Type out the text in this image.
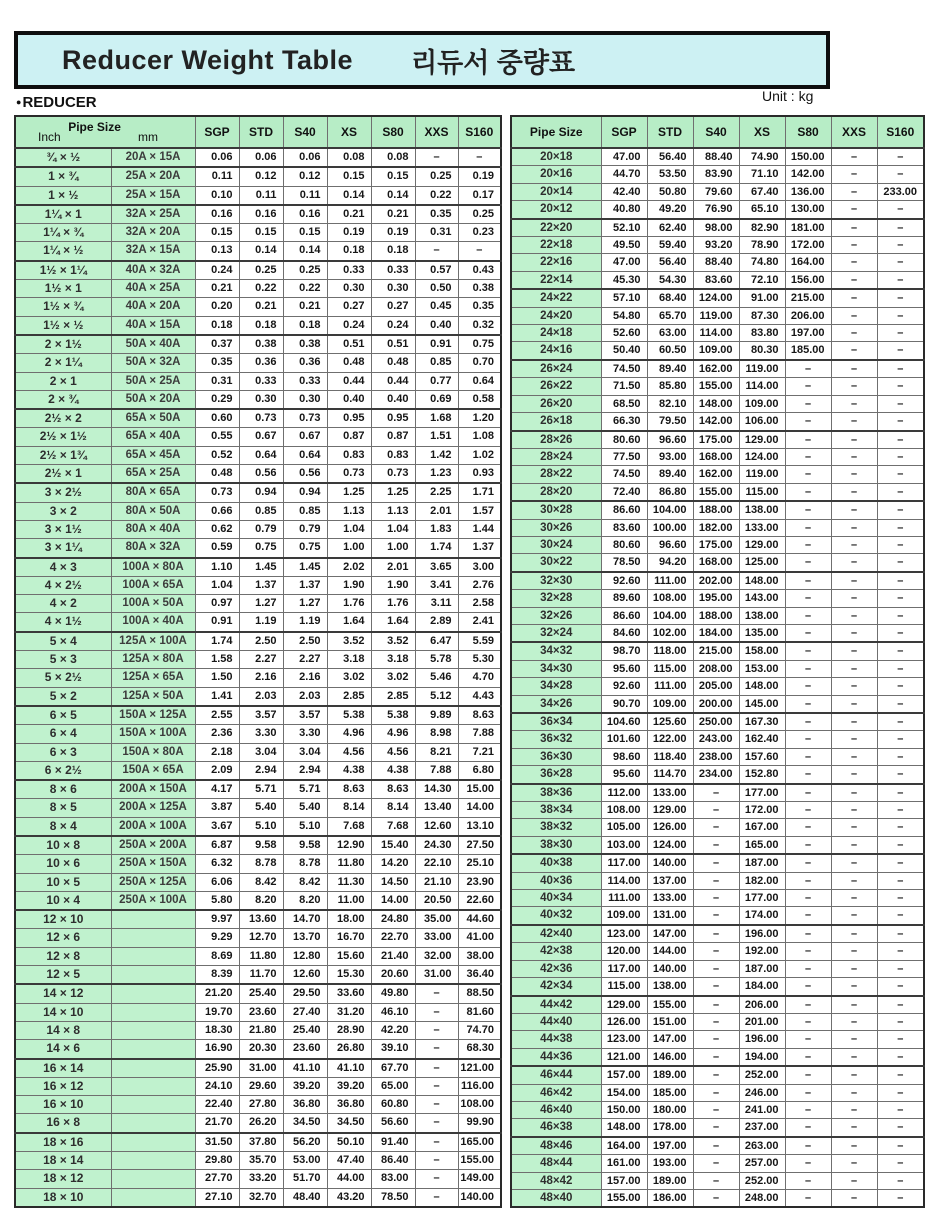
Reducer Weight Table 리듀서 중량표
●REDUCER	Unit : kg
Pipe Size
Inch mm		SGP	STD	S40	XS	S80	XXS	S160
¾ × ½	20A × 15A	0.06	0.06	0.06	0.08	0.08	–	–
1 × ¾	25A × 20A	0.11	0.12	0.12	0.15	0.15	0.25	0.19
1 × ½	25A × 15A	0.10	0.11	0.11	0.14	0.14	0.22	0.17
1¼ × 1	32A × 25A	0.16	0.16	0.16	0.21	0.21	0.35	0.25
1¼ × ¾	32A × 20A	0.15	0.15	0.15	0.19	0.19	0.31	0.23
1¼ × ½	32A × 15A	0.13	0.14	0.14	0.18	0.18	–	–
1½ × 1¼	40A × 32A	0.24	0.25	0.25	0.33	0.33	0.57	0.43
1½ × 1	40A × 25A	0.21	0.22	0.22	0.30	0.30	0.50	0.38
1½ × ¾	40A × 20A	0.20	0.21	0.21	0.27	0.27	0.45	0.35
1½ × ½	40A × 15A	0.18	0.18	0.18	0.24	0.24	0.40	0.32
2 × 1½	50A × 40A	0.37	0.38	0.38	0.51	0.51	0.91	0.75
2 × 1¼	50A × 32A	0.35	0.36	0.36	0.48	0.48	0.85	0.70
2 × 1	50A × 25A	0.31	0.33	0.33	0.44	0.44	0.77	0.64
2 × ¾	50A × 20A	0.29	0.30	0.30	0.40	0.40	0.69	0.58
2½ × 2	65A × 50A	0.60	0.73	0.73	0.95	0.95	1.68	1.20
2½ × 1½	65A × 40A	0.55	0.67	0.67	0.87	0.87	1.51	1.08
2½ × 1¾	65A × 45A	0.52	0.64	0.64	0.83	0.83	1.42	1.02
2½ × 1	65A × 25A	0.48	0.56	0.56	0.73	0.73	1.23	0.93
3 × 2½	80A × 65A	0.73	0.94	0.94	1.25	1.25	2.25	1.71
3 × 2	80A × 50A	0.66	0.85	0.85	1.13	1.13	2.01	1.57
3 × 1½	80A × 40A	0.62	0.79	0.79	1.04	1.04	1.83	1.44
3 × 1¼	80A × 32A	0.59	0.75	0.75	1.00	1.00	1.74	1.37
4 × 3	100A × 80A	1.10	1.45	1.45	2.02	2.01	3.65	3.00
4 × 2½	100A × 65A	1.04	1.37	1.37	1.90	1.90	3.41	2.76
4 × 2	100A × 50A	0.97	1.27	1.27	1.76	1.76	3.11	2.58
4 × 1½	100A × 40A	0.91	1.19	1.19	1.64	1.64	2.89	2.41
5 × 4	125A × 100A	1.74	2.50	2.50	3.52	3.52	6.47	5.59
5 × 3	125A × 80A	1.58	2.27	2.27	3.18	3.18	5.78	5.30
5 × 2½	125A × 65A	1.50	2.16	2.16	3.02	3.02	5.46	4.70
5 × 2	125A × 50A	1.41	2.03	2.03	2.85	2.85	5.12	4.43
6 × 5	150A × 125A	2.55	3.57	3.57	5.38	5.38	9.89	8.63
6 × 4	150A × 100A	2.36	3.30	3.30	4.96	4.96	8.98	7.88
6 × 3	150A × 80A	2.18	3.04	3.04	4.56	4.56	8.21	7.21
6 × 2½	150A × 65A	2.09	2.94	2.94	4.38	4.38	7.88	6.80
8 × 6	200A × 150A	4.17	5.71	5.71	8.63	8.63	14.30	15.00
8 × 5	200A × 125A	3.87	5.40	5.40	8.14	8.14	13.40	14.00
8 × 4	200A × 100A	3.67	5.10	5.10	7.68	7.68	12.60	13.10
10 × 8	250A × 200A	6.87	9.58	9.58	12.90	15.40	24.30	27.50
10 × 6	250A × 150A	6.32	8.78	8.78	11.80	14.20	22.10	25.10
10 × 5	250A × 125A	6.06	8.42	8.42	11.30	14.50	21.10	23.90
10 × 4	250A × 100A	5.80	8.20	8.20	11.00	14.00	20.50	22.60
12 × 10		9.97	13.60	14.70	18.00	24.80	35.00	44.60
12 × 6		9.29	12.70	13.70	16.70	22.70	33.00	41.00
12 × 8		8.69	11.80	12.80	15.60	21.40	32.00	38.00
12 × 5		8.39	11.70	12.60	15.30	20.60	31.00	36.40
14 × 12		21.20	25.40	29.50	33.60	49.80	–	88.50
14 × 10		19.70	23.60	27.40	31.20	46.10	–	81.60
14 × 8		18.30	21.80	25.40	28.90	42.20	–	74.70
14 × 6		16.90	20.30	23.60	26.80	39.10	–	68.30
16 × 14		25.90	31.00	41.10	41.10	67.70	–	121.00
16 × 12		24.10	29.60	39.20	39.20	65.00	–	116.00
16 × 10		22.40	27.80	36.80	36.80	60.80	–	108.00
16 × 8		21.70	26.20	34.50	34.50	56.60	–	99.90
18 × 16		31.50	37.80	56.20	50.10	91.40	–	165.00
18 × 14		29.80	35.70	53.00	47.40	86.40	–	155.00
18 × 12		27.70	33.20	51.70	44.00	83.00	–	149.00
18 × 10		27.10	32.70	48.40	43.20	78.50	–	140.00
Pipe Size	SGP	STD	S40	XS	S80	XXS	S160
20×18	47.00	56.40	88.40	74.90	150.00	–	–
20×16	44.70	53.50	83.90	71.10	142.00	–	–
20×14	42.40	50.80	79.60	67.40	136.00	–	233.00
20×12	40.80	49.20	76.90	65.10	130.00	–	–
22×20	52.10	62.40	98.00	82.90	181.00	–	–
22×18	49.50	59.40	93.20	78.90	172.00	–	–
22×16	47.00	56.40	88.40	74.80	164.00	–	–
22×14	45.30	54.30	83.60	72.10	156.00	–	–
24×22	57.10	68.40	124.00	91.00	215.00	–	–
24×20	54.80	65.70	119.00	87.30	206.00	–	–
24×18	52.60	63.00	114.00	83.80	197.00	–	–
24×16	50.40	60.50	109.00	80.30	185.00	–	–
26×24	74.50	89.40	162.00	119.00	–	–	–
26×22	71.50	85.80	155.00	114.00	–	–	–
26×20	68.50	82.10	148.00	109.00	–	–	–
26×18	66.30	79.50	142.00	106.00	–	–	–
28×26	80.60	96.60	175.00	129.00	–	–	–
28×24	77.50	93.00	168.00	124.00	–	–	–
28×22	74.50	89.40	162.00	119.00	–	–	–
28×20	72.40	86.80	155.00	115.00	–	–	–
30×28	86.60	104.00	188.00	138.00	–	–	–
30×26	83.60	100.00	182.00	133.00	–	–	–
30×24	80.60	96.60	175.00	129.00	–	–	–
30×22	78.50	94.20	168.00	125.00	–	–	–
32×30	92.60	111.00	202.00	148.00	–	–	–
32×28	89.60	108.00	195.00	143.00	–	–	–
32×26	86.60	104.00	188.00	138.00	–	–	–
32×24	84.60	102.00	184.00	135.00	–	–	–
34×32	98.70	118.00	215.00	158.00	–	–	–
34×30	95.60	115.00	208.00	153.00	–	–	–
34×28	92.60	111.00	205.00	148.00	–	–	–
34×26	90.70	109.00	200.00	145.00	–	–	–
36×34	104.60	125.60	250.00	167.30	–	–	–
36×32	101.60	122.00	243.00	162.40	–	–	–
36×30	98.60	118.40	238.00	157.60	–	–	–
36×28	95.60	114.70	234.00	152.80	–	–	–
38×36	112.00	133.00	–	177.00	–	–	–
38×34	108.00	129.00	–	172.00	–	–	–
38×32	105.00	126.00	–	167.00	–	–	–
38×30	103.00	124.00	–	165.00	–	–	–
40×38	117.00	140.00	–	187.00	–	–	–
40×36	114.00	137.00	–	182.00	–	–	–
40×34	111.00	133.00	–	177.00	–	–	–
40×32	109.00	131.00	–	174.00	–	–	–
42×40	123.00	147.00	–	196.00	–	–	–
42×38	120.00	144.00	–	192.00	–	–	–
42×36	117.00	140.00	–	187.00	–	–	–
42×34	115.00	138.00	–	184.00	–	–	–
44×42	129.00	155.00	–	206.00	–	–	–
44×40	126.00	151.00	–	201.00	–	–	–
44×38	123.00	147.00	–	196.00	–	–	–
44×36	121.00	146.00	–	194.00	–	–	–
46×44	157.00	189.00	–	252.00	–	–	–
46×42	154.00	185.00	–	246.00	–	–	–
46×40	150.00	180.00	–	241.00	–	–	–
46×38	148.00	178.00	–	237.00	–	–	–
48×46	164.00	197.00	–	263.00	–	–	–
48×44	161.00	193.00	–	257.00	–	–	–
48×42	157.00	189.00	–	252.00	–	–	–
48×40	155.00	186.00	–	248.00	–	–	–
